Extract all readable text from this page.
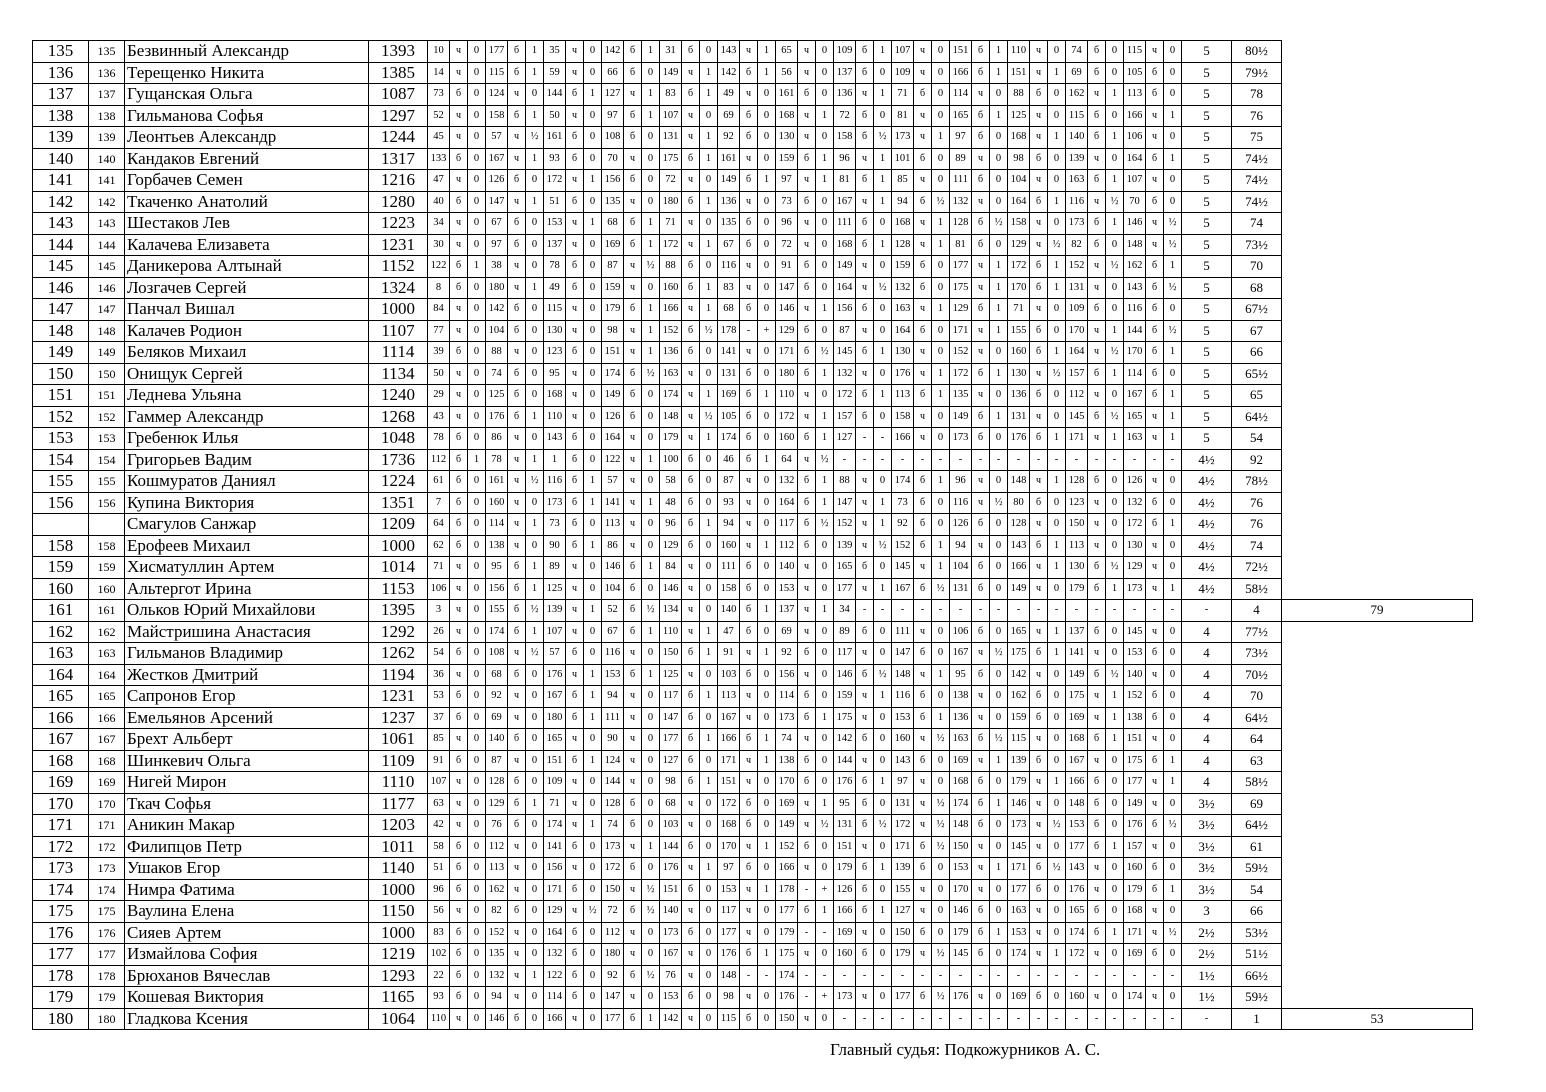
135	135	Безвинный Александр	1393	10	ч	0	177	б	1	35	ч	0	142	б	1	31	б	0	143	ч	1	65	ч	0	109	б	1	107	ч	0	151	б	1	110	ч	0	74	б	0	115	ч	0	5	80½	
136	136	Терещенко Никита	1385	14	ч	0	115	б	1	59	ч	0	66	б	0	149	ч	1	142	б	1	56	ч	0	137	б	0	109	ч	0	166	б	1	151	ч	1	69	б	0	105	б	0	5	79½	
137	137	Гущанская Ольга	1087	73	б	0	124	ч	0	144	б	1	127	ч	1	83	б	1	49	ч	0	161	б	0	136	ч	1	71	б	0	114	ч	0	88	б	0	162	ч	1	113	б	0	5	78	
138	138	Гильманова Софья	1297	52	ч	0	158	б	1	50	ч	0	97	б	1	107	ч	0	69	б	0	168	ч	1	72	б	0	81	ч	0	165	б	1	125	ч	0	115	б	0	166	ч	1	5	76	
139	139	Леонтьев Александр	1244	45	ч	0	57	ч	½	161	б	0	108	б	0	131	ч	1	92	б	0	130	ч	0	158	б	½	173	ч	1	97	б	0	168	ч	1	140	б	1	106	ч	0	5	75	
140	140	Кандаков Евгений	1317	133	б	0	167	ч	1	93	б	0	70	ч	0	175	б	1	161	ч	0	159	б	1	96	ч	1	101	б	0	89	ч	0	98	б	0	139	ч	0	164	б	1	5	74½	
141	141	Горбачев Семен	1216	47	ч	0	126	б	0	172	ч	1	156	б	0	72	ч	0	149	б	1	97	ч	1	81	б	1	85	ч	0	111	б	0	104	ч	0	163	б	1	107	ч	0	5	74½	
142	142	Ткаченко Анатолий	1280	40	б	0	147	ч	1	51	б	0	135	ч	0	180	б	1	136	ч	0	73	б	0	167	ч	1	94	б	½	132	ч	0	164	б	1	116	ч	½	70	б	0	5	74½	
143	143	Шестаков Лев	1223	34	ч	0	67	б	0	153	ч	1	68	б	1	71	ч	0	135	б	0	96	ч	0	111	б	0	168	ч	1	128	б	½	158	ч	0	173	б	1	146	ч	½	5	74	
144	144	Калачева Елизавета	1231	30	ч	0	97	б	0	137	ч	0	169	б	1	172	ч	1	67	б	0	72	ч	0	168	б	1	128	ч	1	81	б	0	129	ч	½	82	б	0	148	ч	½	5	73½	
145	145	Даникерова Алтынай	1152	122	б	1	38	ч	0	78	б	0	87	ч	½	88	б	0	116	ч	0	91	б	0	149	ч	0	159	б	0	177	ч	1	172	б	1	152	ч	½	162	б	1	5	70	
146	146	Лозгачев Сергей	1324	8	б	0	180	ч	1	49	б	0	159	ч	0	160	б	1	83	ч	0	147	б	0	164	ч	½	132	б	0	175	ч	1	170	б	1	131	ч	0	143	б	½	5	68	
147	147	Панчал Вишал	1000	84	ч	0	142	б	0	115	ч	0	179	б	1	166	ч	1	68	б	0	146	ч	1	156	б	0	163	ч	1	129	б	1	71	ч	0	109	б	0	116	б	0	5	67½	
148	148	Калачев Родион	1107	77	ч	0	104	б	0	130	ч	0	98	ч	1	152	б	½	178	-	+	129	б	0	87	ч	0	164	б	0	171	ч	1	155	б	0	170	ч	1	144	б	½	5	67	
149	149	Беляков Михаил	1114	39	б	0	88	ч	0	123	б	0	151	ч	1	136	б	0	141	ч	0	171	б	½	145	б	1	130	ч	0	152	ч	0	160	б	1	164	ч	½	170	б	1	5	66	
150	150	Онищук Сергей	1134	50	ч	0	74	б	0	95	ч	0	174	б	½	163	ч	0	131	б	0	180	б	1	132	ч	0	176	ч	1	172	б	1	130	ч	½	157	б	1	114	б	0	5	65½	
151	151	Леднева Ульяна	1240	29	ч	0	125	б	0	168	ч	0	149	б	0	174	ч	1	169	б	1	110	ч	0	172	б	1	113	б	1	135	ч	0	136	б	0	112	ч	0	167	б	1	5	65	
152	152	Гаммер Александр	1268	43	ч	0	176	б	1	110	ч	0	126	б	0	148	ч	½	105	б	0	172	ч	1	157	б	0	158	ч	0	149	б	1	131	ч	0	145	б	½	165	ч	1	5	64½	
153	153	Гребенюк Илья	1048	78	б	0	86	ч	0	143	б	0	164	ч	0	179	ч	1	174	б	0	160	б	1	127	-	-	166	ч	0	173	б	0	176	б	1	171	ч	1	163	ч	1	5	54	
154	154	Григорьев Вадим	1736	112	б	1	78	ч	1	1	б	0	122	ч	1	100	б	0	46	б	1	64	ч	½	-	-	-	-	-	-	-	-	-	-	-	-	-	-	-	-	-	-	4½	92	
155	155	Кошмуратов Даниял	1224	61	б	0	161	ч	½	116	б	1	57	ч	0	58	б	0	87	ч	0	132	б	1	88	ч	0	174	б	1	96	ч	0	148	ч	1	128	б	0	126	ч	0	4½	78½	
156	156	Купина Виктория	1351	7	б	0	160	ч	0	173	б	1	141	ч	1	48	б	0	93	ч	0	164	б	1	147	ч	1	73	б	0	116	ч	½	80	б	0	123	ч	0	132	б	0	4½	76	
		Смагулов Санжар	1209	64	б	0	114	ч	1	73	б	0	113	ч	0	96	б	1	94	ч	0	117	б	½	152	ч	1	92	б	0	126	б	0	128	ч	0	150	ч	0	172	б	1	4½	76	
158	158	Ерофеев Михаил	1000	62	б	0	138	ч	0	90	б	1	86	ч	0	129	б	0	160	ч	1	112	б	0	139	ч	½	152	б	1	94	ч	0	143	б	1	113	ч	0	130	ч	0	4½	74	
159	159	Хисматуллин Артем	1014	71	ч	0	95	б	1	89	ч	0	146	б	1	84	ч	0	111	б	0	140	ч	0	165	б	0	145	ч	1	104	б	0	166	ч	1	130	б	½	129	ч	0	4½	72½	
160	160	Альтергот Ирина	1153	106	ч	0	156	б	1	125	ч	0	104	б	0	146	ч	0	158	б	0	153	ч	0	177	ч	1	167	б	½	131	б	0	149	ч	0	179	б	1	173	ч	1	4½	58½	
161	161	Ольков Юрий Михайлови	1395	3	ч	0	155	б	½	139	ч	1	52	б	½	134	ч	0	140	б	1	137	ч	1	34	-	-	-	-	-	-	-	-	-	-	-	-	-	-	-	-	-	-	4	79
162	162	Майстришина Анастасия	1292	26	ч	0	174	б	1	107	ч	0	67	б	1	110	ч	1	47	б	0	69	ч	0	89	б	0	111	ч	0	106	б	0	165	ч	1	137	б	0	145	ч	0	4	77½	
163	163	Гильманов Владимир	1262	54	б	0	108	ч	½	57	б	0	116	ч	0	150	б	1	91	ч	1	92	б	0	117	ч	0	147	б	0	167	ч	½	175	б	1	141	ч	0	153	б	0	4	73½	
164	164	Жестков Дмитрий	1194	36	ч	0	68	б	0	176	ч	1	153	б	1	125	ч	0	103	б	0	156	ч	0	146	б	½	148	ч	1	95	б	0	142	ч	0	149	б	½	140	ч	0	4	70½	
165	165	Сапронов Егор	1231	53	б	0	92	ч	0	167	б	1	94	ч	0	117	б	1	113	ч	0	114	б	0	159	ч	1	116	б	0	138	ч	0	162	б	0	175	ч	1	152	б	0	4	70	
166	166	Емельянов Арсений	1237	37	б	0	69	ч	0	180	б	1	111	ч	0	147	б	0	167	ч	0	173	б	1	175	ч	0	153	б	1	136	ч	0	159	б	0	169	ч	1	138	б	0	4	64½	
167	167	Брехт Альберт	1061	85	ч	0	140	б	0	165	ч	0	90	ч	0	177	б	1	166	б	1	74	ч	0	142	б	0	160	ч	½	163	б	½	115	ч	0	168	б	1	151	ч	0	4	64	
168	168	Шинкевич Ольга	1109	91	б	0	87	ч	0	151	б	1	124	ч	0	127	б	0	171	ч	1	138	б	0	144	ч	0	143	б	0	169	ч	1	139	б	0	167	ч	0	175	б	1	4	63	
169	169	Нигей Мирон	1110	107	ч	0	128	б	0	109	ч	0	144	ч	0	98	б	1	151	ч	0	170	б	0	176	б	1	97	ч	0	168	б	0	179	ч	1	166	б	0	177	ч	1	4	58½	
170	170	Ткач Софья	1177	63	ч	0	129	б	1	71	ч	0	128	б	0	68	ч	0	172	б	0	169	ч	1	95	б	0	131	ч	½	174	б	1	146	ч	0	148	б	0	149	ч	0	3½	69	
171	171	Аникин Макар	1203	42	ч	0	76	б	0	174	ч	1	74	б	0	103	ч	0	168	б	0	149	ч	½	131	б	½	172	ч	½	148	б	0	173	ч	½	153	б	0	176	б	½	3½	64½	
172	172	Филипцов Петр	1011	58	б	0	112	ч	0	141	б	0	173	ч	1	144	б	0	170	ч	1	152	б	0	151	ч	0	171	б	½	150	ч	0	145	ч	0	177	б	1	157	ч	0	3½	61	
173	173	Ушаков Егор	1140	51	б	0	113	ч	0	156	ч	0	172	б	0	176	ч	1	97	б	0	166	ч	0	179	б	1	139	б	0	153	ч	1	171	б	½	143	ч	0	160	б	0	3½	59½	
174	174	Нимра Фатима	1000	96	б	0	162	ч	0	171	б	0	150	ч	½	151	б	0	153	ч	1	178	-	+	126	б	0	155	ч	0	170	ч	0	177	б	0	176	ч	0	179	б	1	3½	54	
175	175	Ваулина Елена	1150	56	ч	0	82	б	0	129	ч	½	72	б	½	140	ч	0	117	ч	0	177	б	1	166	б	1	127	ч	0	146	б	0	163	ч	0	165	б	0	168	ч	0	3	66	
176	176	Сияев Артем	1000	83	б	0	152	ч	0	164	б	0	112	ч	0	173	б	0	177	ч	0	179	-	-	169	ч	0	150	б	0	179	б	1	153	ч	0	174	б	1	171	ч	½	2½	53½	
177	177	Измайлова София	1219	102	б	0	135	ч	0	132	б	0	180	ч	0	167	ч	0	176	б	1	175	ч	0	160	б	0	179	ч	½	145	б	0	174	ч	1	172	ч	0	169	б	0	2½	51½	
178	178	Брюханов Вячеслав	1293	22	б	0	132	ч	1	122	б	0	92	б	½	76	ч	0	148	-	-	174	-	-	-	-	-	-	-	-	-	-	-	-	-	-	-	-	-	-	-	-	1½	66½	
179	179	Кошевая Виктория	1165	93	б	0	94	ч	0	114	б	0	147	ч	0	153	б	0	98	ч	0	176	-	+	173	ч	0	177	б	½	176	ч	0	169	б	0	160	ч	0	174	ч	0	1½	59½	
180	180	Гладкова Ксения	1064	110	ч	0	146	б	0	166	ч	0	177	б	1	142	ч	0	115	б	0	150	ч	0	-	-	-	-	-	-	-	-	-	-	-	-	-	-	-	-	-	-	-	1	53
Главный судья: Подкожурников А. С.
